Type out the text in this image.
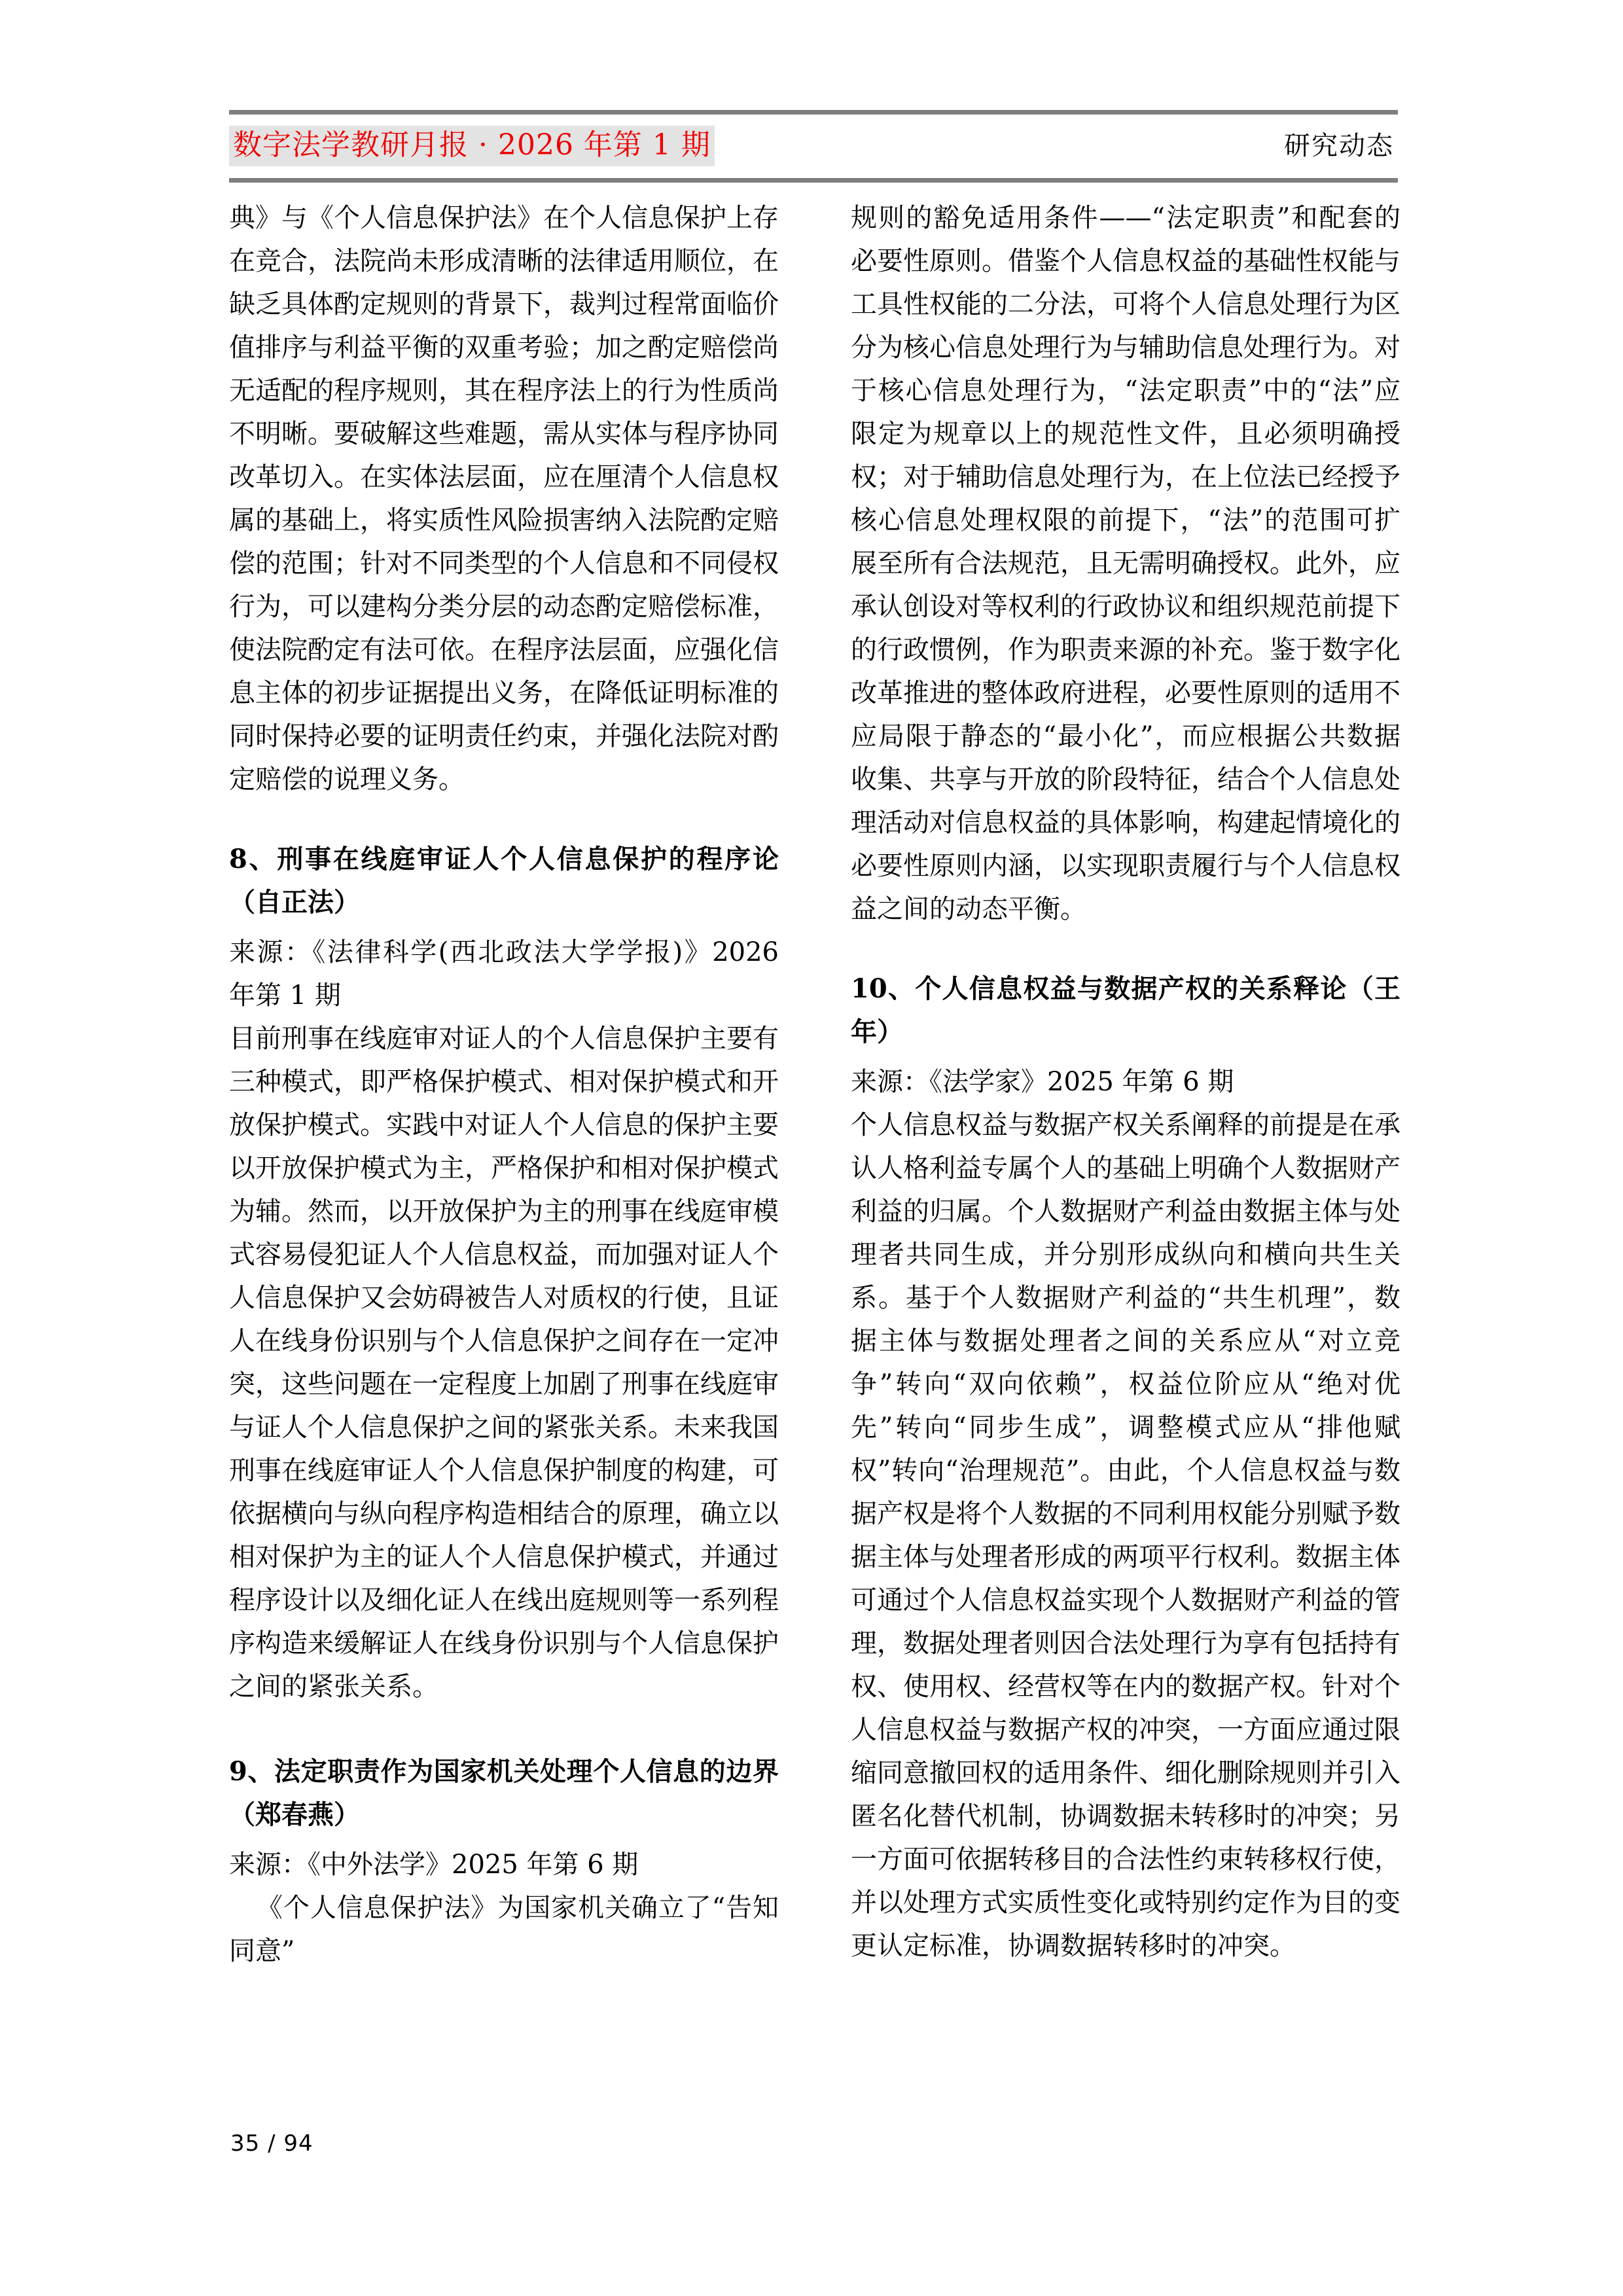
数字法学教研月报 · 2026 年第 1 期	研究动态

典》与《个人信息保护法》在个人信息保护上存在竞合，法院尚未形成清晰的法律适用顺位，在缺乏具体酌定规则的背景下，裁判过程常面临价值排序与利益平衡的双重考验；加之酌定赔偿尚无适配的程序规则，其在程序法上的行为性质尚不明晰。要破解这些难题，需从实体与程序协同改革切入。在实体法层面，应在厘清个人信息权属的基础上，将实质性风险损害纳入法院酌定赔偿的范围；针对不同类型的个人信息和不同侵权行为，可以建构分类分层的动态酌定赔偿标准，使法院酌定有法可依。在程序法层面，应强化信息主体的初步证据提出义务，在降低证明标准的同时保持必要的证明责任约束，并强化法院对酌定赔偿的说理义务。

8、刑事在线庭审证人个人信息保护的程序论（自正法）

来源：《法律科学(西北政法大学学报)》2026 年第 1 期

目前刑事在线庭审对证人的个人信息保护主要有三种模式，即严格保护模式、相对保护模式和开放保护模式。实践中对证人个人信息的保护主要以开放保护模式为主，严格保护和相对保护模式为辅。然而，以开放保护为主的刑事在线庭审模式容易侵犯证人个人信息权益，而加强对证人个人信息保护又会妨碍被告人对质权的行使，且证人在线身份识别与个人信息保护之间存在一定冲突，这些问题在一定程度上加剧了刑事在线庭审与证人个人信息保护之间的紧张关系。未来我国刑事在线庭审证人个人信息保护制度的构建，可依据横向与纵向程序构造相结合的原理，确立以相对保护为主的证人个人信息保护模式，并通过程序设计以及细化证人在线出庭规则等一系列程序构造来缓解证人在线身份识别与个人信息保护之间的紧张关系。

9、法定职责作为国家机关处理个人信息的边界（郑春燕）

来源：《中外法学》2025 年第 6 期

《个人信息保护法》为国家机关确立了“告知同意”

规则的豁免适用条件——“法定职责”和配套的必要性原则。借鉴个人信息权益的基础性权能与工具性权能的二分法，可将个人信息处理行为区分为核心信息处理行为与辅助信息处理行为。对于核心信息处理行为，“法定职责”中的“法”应限定为规章以上的规范性文件，且必须明确授权；对于辅助信息处理行为，在上位法已经授予核心信息处理权限的前提下，“法”的范围可扩展至所有合法规范，且无需明确授权。此外，应承认创设对等权利的行政协议和组织规范前提下的行政惯例，作为职责来源的补充。鉴于数字化改革推进的整体政府进程，必要性原则的适用不应局限于静态的“最小化”，而应根据公共数据收集、共享与开放的阶段特征，结合个人信息处理活动对信息权益的具体影响，构建起情境化的必要性原则内涵，以实现职责履行与个人信息权益之间的动态平衡。

10、个人信息权益与数据产权的关系释论（王年）

来源：《法学家》2025 年第 6 期

个人信息权益与数据产权关系阐释的前提是在承认人格利益专属个人的基础上明确个人数据财产利益的归属。个人数据财产利益由数据主体与处理者共同生成，并分别形成纵向和横向共生关系。基于个人数据财产利益的“共生机理”，数据主体与数据处理者之间的关系应从“对立竞争”转向“双向依赖”，权益位阶应从“绝对优先”转向“同步生成”，调整模式应从“排他赋权”转向“治理规范”。由此，个人信息权益与数据产权是将个人数据的不同利用权能分别赋予数据主体与处理者形成的两项平行权利。数据主体可通过个人信息权益实现个人数据财产利益的管理，数据处理者则因合法处理行为享有包括持有权、使用权、经营权等在内的数据产权。针对个人信息权益与数据产权的冲突，一方面应通过限缩同意撤回权的适用条件、细化删除规则并引入匿名化替代机制，协调数据未转移时的冲突；另一方面可依据转移目的合法性约束转移权行使，并以处理方式实质性变化或特别约定作为目的变更认定标准，协调数据转移时的冲突。

35 / 94
